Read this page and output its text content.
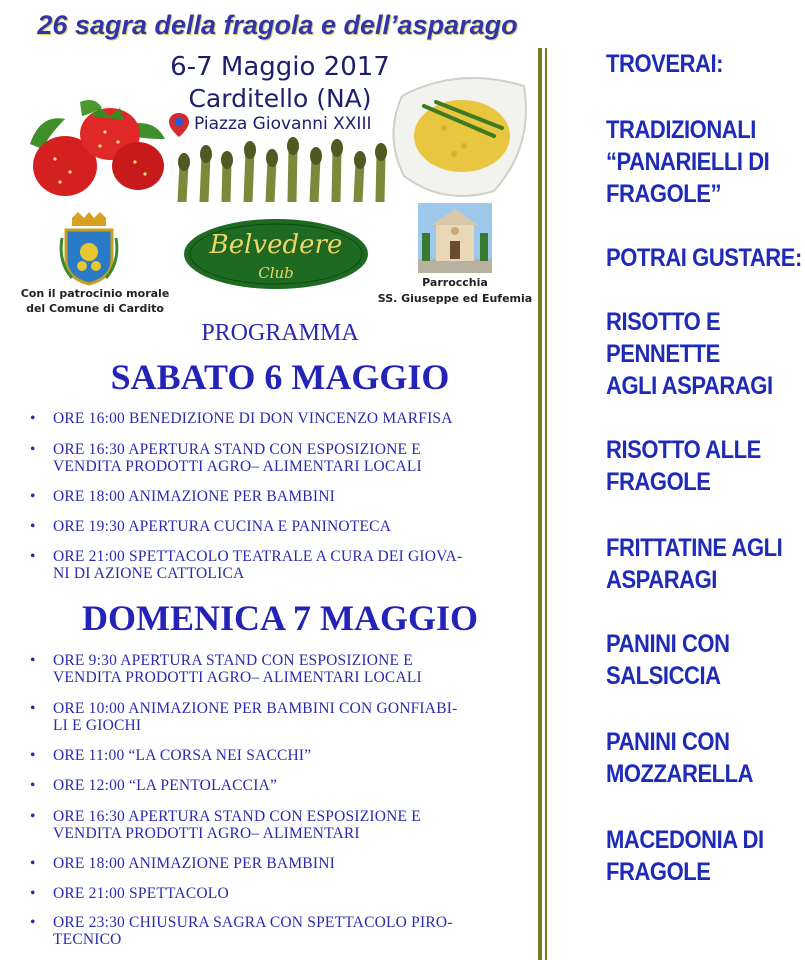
26 sagra della fragola e dell’asparago
6-7 Maggio 2017
Carditello (NA)
Piazza Giovanni XXIII
Con il patrocinio morale
del Comune di Cardito
Belvedere
Club
Parrocchia
SS. Giuseppe ed Eufemia
PROGRAMMA
SABATO 6 MAGGIO
• ORE 16:00 BENEDIZIONE DI DON VINCENZO MARFISA
• ORE 16:30 APERTURA STAND CON ESPOSIZIONE E
VENDITA PRODOTTI AGRO– ALIMENTARI LOCALI
• ORE 18:00 ANIMAZIONE PER BAMBINI
• ORE 19:30 APERTURA CUCINA E PANINOTECA
• ORE 21:00 SPETTACOLO TEATRALE A CURA DEI GIOVA-
NI DI AZIONE CATTOLICA
DOMENICA 7 MAGGIO
• ORE 9:30 APERTURA STAND CON ESPOSIZIONE E
VENDITA PRODOTTI AGRO– ALIMENTARI LOCALI
• ORE 10:00 ANIMAZIONE PER BAMBINI CON GONFIABI-
LI E GIOCHI
• ORE 11:00 “LA CORSA NEI SACCHI”
• ORE 12:00 “LA PENTOLACCIA”
• ORE 16:30 APERTURA STAND CON ESPOSIZIONE E
VENDITA PRODOTTI AGRO– ALIMENTARI
• ORE 18:00 ANIMAZIONE PER BAMBINI
• ORE 21:00 SPETTACOLO
• ORE 23:30 CHIUSURA SAGRA CON SPETTACOLO PIRO-
TECNICO
TROVERAI:
TRADIZIONALI
“PANARIELLI DI
FRAGOLE”
POTRAI GUSTARE:
RISOTTO E
PENNETTE
AGLI ASPARAGI
RISOTTO ALLE
FRAGOLE
FRITTATINE AGLI
ASPARAGI
PANINI CON
SALSICCIA
PANINI CON
MOZZARELLA
MACEDONIA DI
FRAGOLE
